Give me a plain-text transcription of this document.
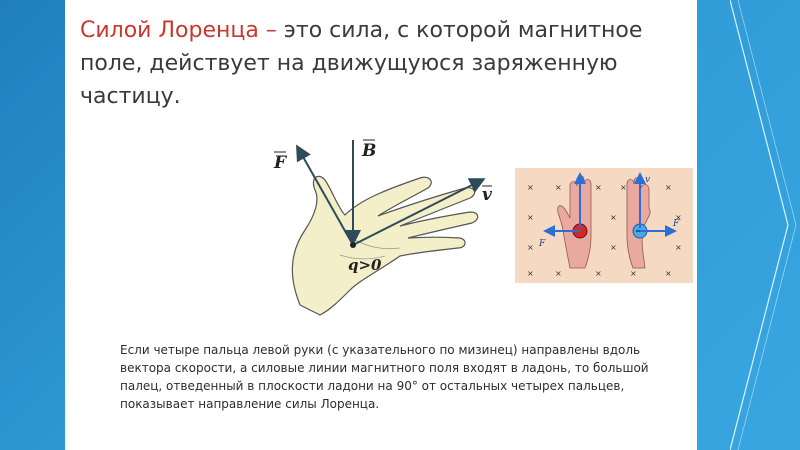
Силой Лоренца – это сила, с которой магнитное поле, действует на движущуюся заряженную частицу.
F
B
v
q>0
×	×	× ×	×
×	×	×
×	×	×
×	×	×	×	×
F
v
F

Если четыре пальца левой руки (с указательного по мизинец) направлены вдоль вектора скорости, а силовые линии магнитного поля входят в ладонь, то большой палец, отведенный в плоскости ладони на 90° от остальных четырех пальцев, показывает направление силы Лоренца.
